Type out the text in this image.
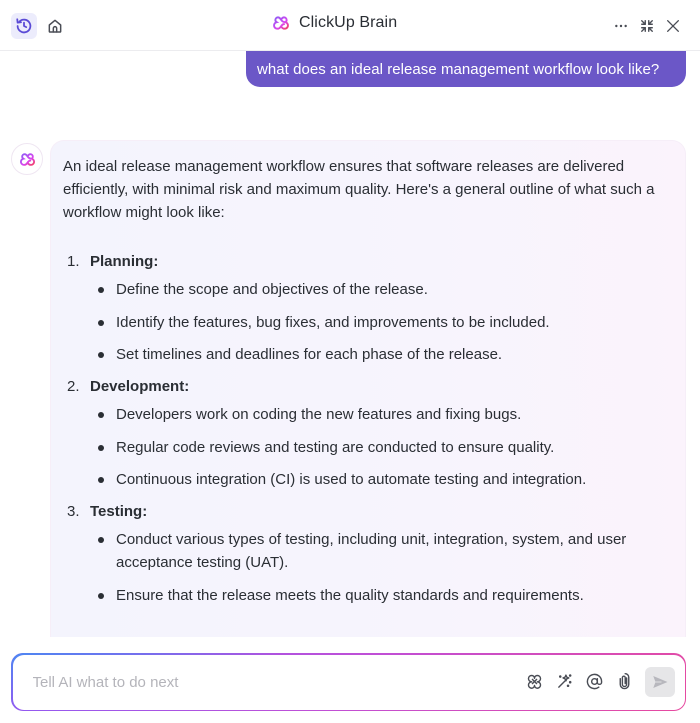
ClickUp Brain
what does an ideal release management workflow look like?

An ideal release management workflow ensures that software releases are delivered efficiently, with minimal risk and maximum quality. Here's a general outline of what such a workflow might look like:

1. Planning:
Define the scope and objectives of the release.
Identify the features, bug fixes, and improvements to be included.
Set timelines and deadlines for each phase of the release.
2. Development:
Developers work on coding the new features and fixing bugs.
Regular code reviews and testing are conducted to ensure quality.
Continuous integration (CI) is used to automate testing and integration.
3. Testing:
Conduct various types of testing, including unit, integration, system, and user acceptance testing (UAT).
Ensure that the release meets the quality standards and requirements.
Tell AI what to do next
